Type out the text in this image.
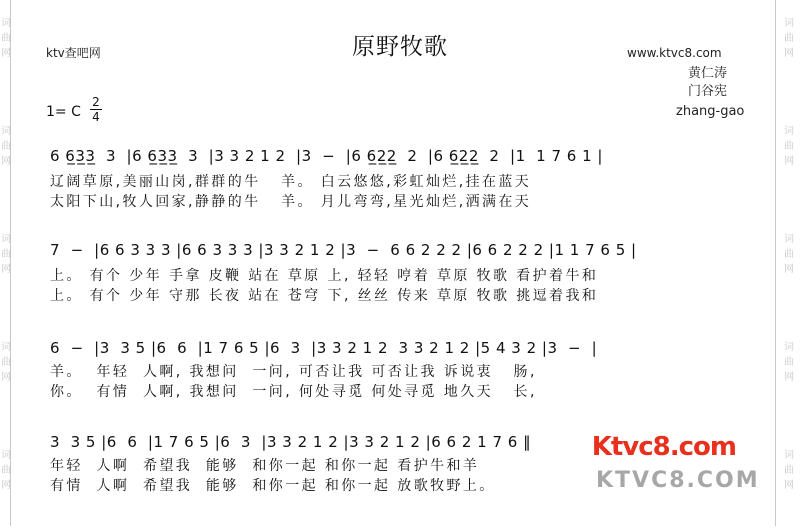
词
曲
网
词
曲
网
词
曲
网
词
曲
网
词
曲
网
词
曲
网
词
曲
网
词
曲
网
词
曲
网
词
曲
网
ktv查吧网	原野牧歌	www.ktvc8.com
黄仁涛
门谷宪
zhang-gao
1= C
2
4
6 6̲3̲3̲  3  |6 6̲3̲3̲  3  |3 3 2 1 2  |3  −  |6 6̲2̲2̲  2  |6 6̲2̲2̲  2  |1  1 7 6 1 |
辽阔草原,美丽山岗,群群的牛   羊。 白云悠悠,彩虹灿烂,挂在蓝天
太阳下山,牧人回家,静静的牛   羊。 月儿弯弯,星光灿烂,洒满在天
7  −  |6 6 3 3 3 |6 6 3 3 3 |3 3 2 1 2 |3  −  6 6 2 2 2 |6 6 2 2 2 |1 1 7 6 5 |
上。 有个 少年 手拿 皮鞭 站在 草原 上, 轻轻 哼着 草原 牧歌 看护着牛和
上。 有个 少年 守那 长夜 站在 苍穹 下, 丝丝 传来 草原 牧歌 挑逗着我和
6  −  |3  3 5 |6  6  |1 7 6 5 |6  3  |3 3 2 1 2  3 3 2 1 2 |5 4 3 2 |3  −  |
羊。  年轻  人啊, 我想问  一问, 可否让我 可否让我 诉说衷   肠,
你。  有情  人啊, 我想问  一问, 何处寻觅 何处寻觅 地久天   长,
3  3 5 |6  6  |1 7 6 5 |6  3  |3 3 2 1 2 |3 3 2 1 2 |6 6 2 1 7 6 ‖
年轻  人啊  希望我  能够  和你一起 和你一起 看护牛和羊
有情  人啊  希望我  能够  和你一起 和你一起 放歌牧野上。
Ktvc8.com
KTVC8.COM
